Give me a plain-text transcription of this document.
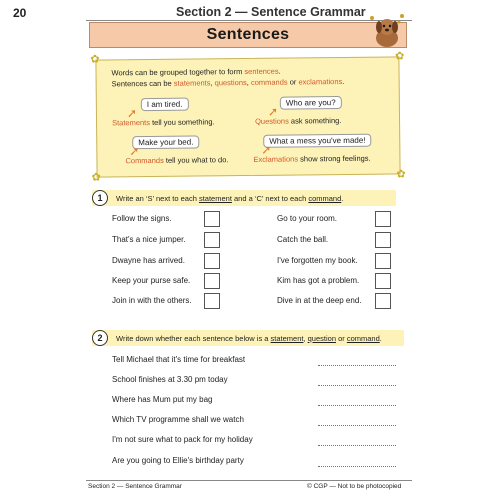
20	Section 2 — Sentence Grammar
Sentences
✿	✿
✿	✿
Words can be grouped together to form sentences.
Sentences can be statements, questions, commands or exclamations.
I am tired.
➚
Statements tell you something.
Who are you?
➚
Questions ask something.
Make your bed.
➚
Commands tell you what to do.
What a mess you've made!
➚
Exclamations show strong feelings.
1	Write an ‘S’ next to each statement and a ‘C’ next to each command.
Follow the signs.
That's a nice jumper.
Dwayne has arrived.
Keep your purse safe.
Join in with the others.
Go to your room.
Catch the ball.
I've forgotten my book.
Kim has got a problem.
Dive in at the deep end.
2	Write down whether each sentence below is a statement, question or command.
Tell Michael that it's time for breakfast
School finishes at 3.30 pm today
Where has Mum put my bag
Which TV programme shall we watch
I'm not sure what to pack for my holiday
Are you going to Ellie's birthday party
Section 2 — Sentence Grammar	© CGP — Not to be photocopied
